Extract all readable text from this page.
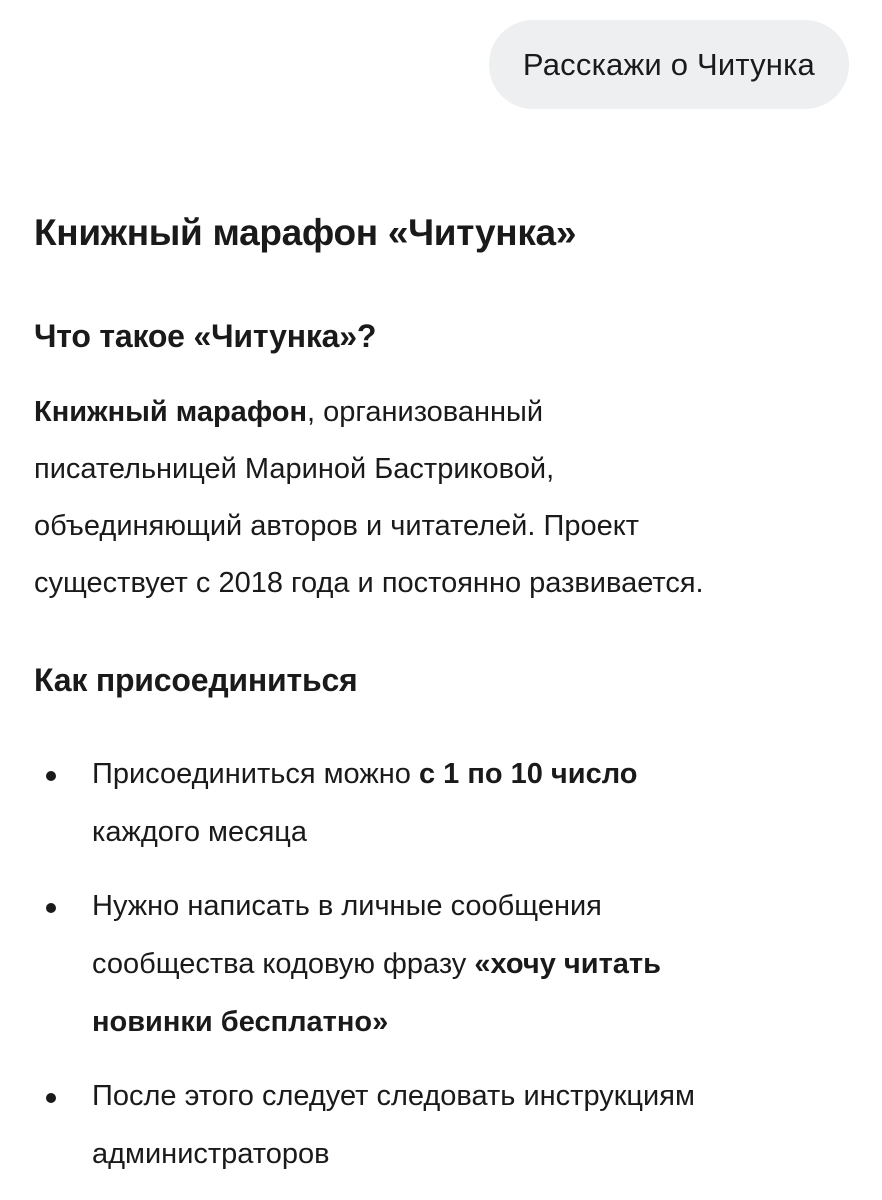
Расскажи о Читунка
Книжный марафон «Читунка»
Что такое «Читунка»?
Книжный марафон, организованный
писательницей Мариной Бастриковой,
объединяющий авторов и читателей. Проект
существует с 2018 года и постоянно развивается.
Как присоединиться
Присоединиться можно с 1 по 10 число
каждого месяца
Нужно написать в личные сообщения
сообщества кодовую фразу «хочу читать
новинки бесплатно»
После этого следует следовать инструкциям
администраторов
